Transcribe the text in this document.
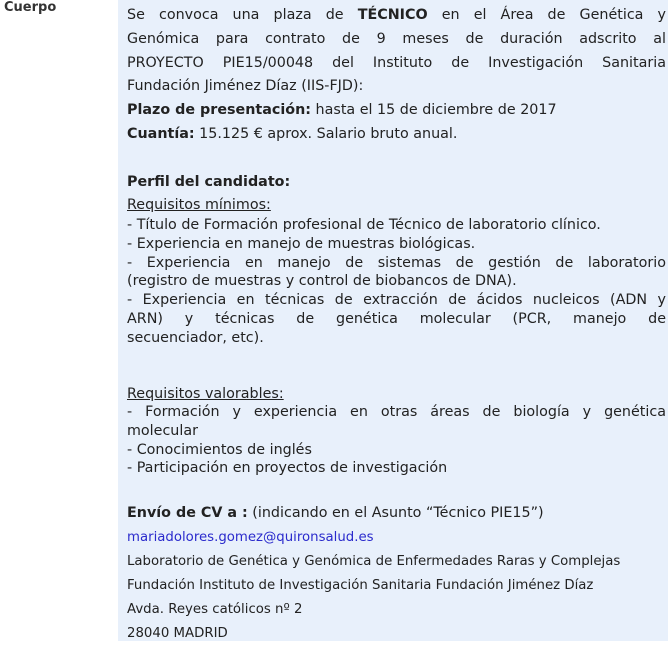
Cuerpo	Se convoca una plaza de TÉCNICO en el Área de Genética y
Genómica para contrato de 9 meses de duración adscrito al
PROYECTO PIE15/00048 del Instituto de Investigación Sanitaria
Fundación Jiménez Díaz (IIS-FJD):
Plazo de presentación: hasta el 15 de diciembre de 2017
Cuantía: 15.125 € aprox. Salario bruto anual.
Perfil del candidato:
Requisitos mínimos:
- Título de Formación profesional de Técnico de laboratorio clínico.
- Experiencia en manejo de muestras biológicas.
- Experiencia en manejo de sistemas de gestión de laboratorio
(registro de muestras y control de biobancos de DNA).
- Experiencia en técnicas de extracción de ácidos nucleicos (ADN y
ARN) y técnicas de genética molecular (PCR, manejo de
secuenciador, etc).
Requisitos valorables:
- Formación y experiencia en otras áreas de biología y genética
molecular
- Conocimientos de inglés
- Participación en proyectos de investigación
Envío de CV a : (indicando en el Asunto “Técnico PIE15”)
mariadolores.gomez@quironsalud.es
Laboratorio de Genética y Genómica de Enfermedades Raras y Complejas
Fundación Instituto de Investigación Sanitaria Fundación Jiménez Díaz
Avda. Reyes católicos nº 2
28040 MADRID
